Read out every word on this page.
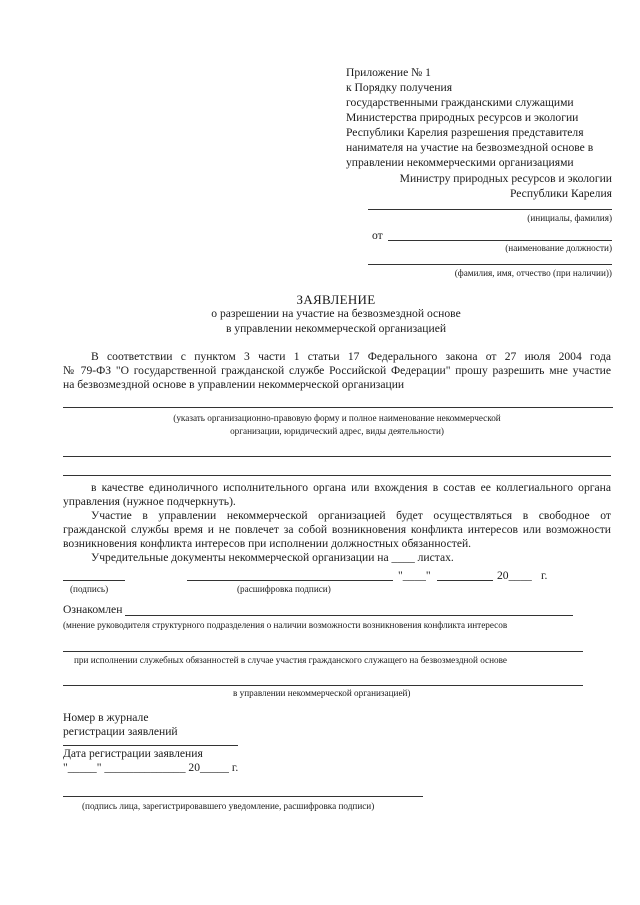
Приложение № 1
к Порядку получения
государственными гражданскими служащими
Министерства природных ресурсов и экологии
Республики Карелия разрешения представителя
нанимателя на участие на безвозмездной основе в
управлении некоммерческими организациями
Министру природных ресурсов и экологии
Республики Карелия
(инициалы, фамилия)
от
(наименование должности)
(фамилия, имя, отчество (при наличии))
ЗАЯВЛЕНИЕ
о разрешении на участие на безвозмездной основе
в управлении некоммерческой организацией
В соответствии с пунктом 3 части 1 статьи 17 Федерального закона от 27 июля 2004 года
№ 79-ФЗ "О государственной гражданской службе Российской Федерации" прошу разрешить мне участие
на безвозмездной основе в управлении некоммерческой организации
(указать организационно-правовую форму и полное наименование некоммерческой
организации, юридический адрес, виды деятельности)
в качестве единоличного исполнительного органа или вхождения в состав ее коллегиального органа
управления (нужное подчеркнуть).
Участие в управлении некоммерческой организацией будет осуществляться в свободное от
гражданской службы время и не повлечет за собой возникновения конфликта интересов или возможности
возникновения конфликта интересов при исполнении должностных обязанностей.
Учредительные документы некоммерческой организации на ____ листах.
"____"	20____ г.
(подпись)	(расшифровка подписи)
Ознакомлен
(мнение руководителя структурного подразделения о наличии возможности возникновения конфликта интересов
при исполнении служебных обязанностей в случае участия гражданского служащего на безвозмездной основе
в управлении некоммерческой организацией)
Номер в журнале
регистрации заявлений
Дата регистрации заявления
"_____" ______________ 20_____ г.
(подпись лица, зарегистрировавшего уведомление, расшифровка подписи)
